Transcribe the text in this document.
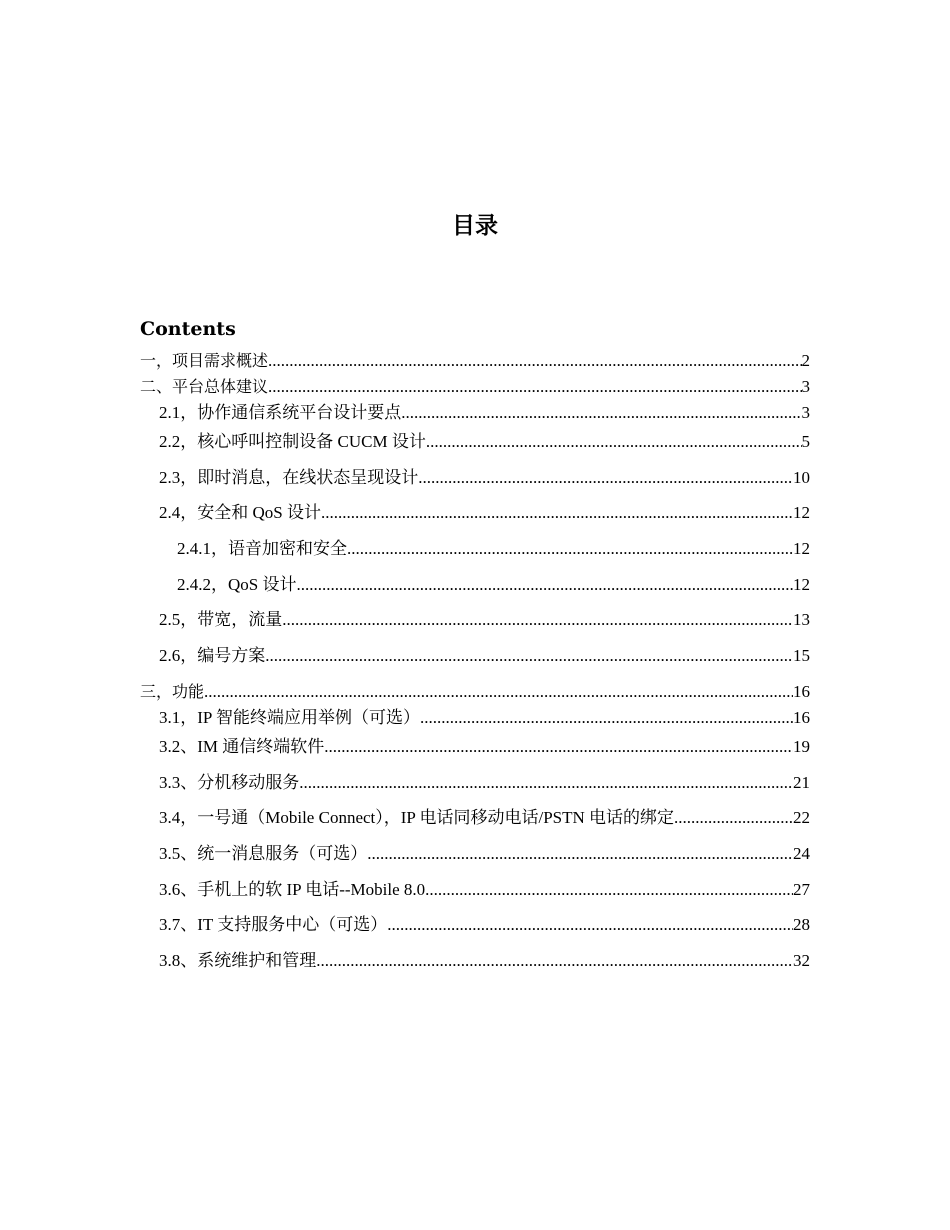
目录
Contents
一，项目需求概述 .....	2
二、平台总体建议 .....	3
2.1，协作通信系统平台设计要点 .....	3
2.2，核心呼叫控制设备 CUCM 设计 .....	5
2.3，即时消息，在线状态呈现设计 .....	10
2.4，安全和 QoS 设计 .....	12
2.4.1，语音加密和安全 .....	12
2.4.2，QoS 设计 .....	12
2.5，带宽，流量 .....	13
2.6，编号方案 .....	15
三，功能 .....	16
3.1，IP 智能终端应用举例（可选） .....	16
3.2、IM 通信终端软件 .....	19
3.3、分机移动服务 .....	21
3.4，一号通（Mobile Connect），IP 电话同移动电话/PSTN 电话的绑定 .....	22
3.5、统一消息服务（可选） .....	24
3.6、手机上的软 IP 电话--Mobile 8.0 .....	27
3.7、IT 支持服务中心（可选） .....	28
3.8、系统维护和管理 .....	32
